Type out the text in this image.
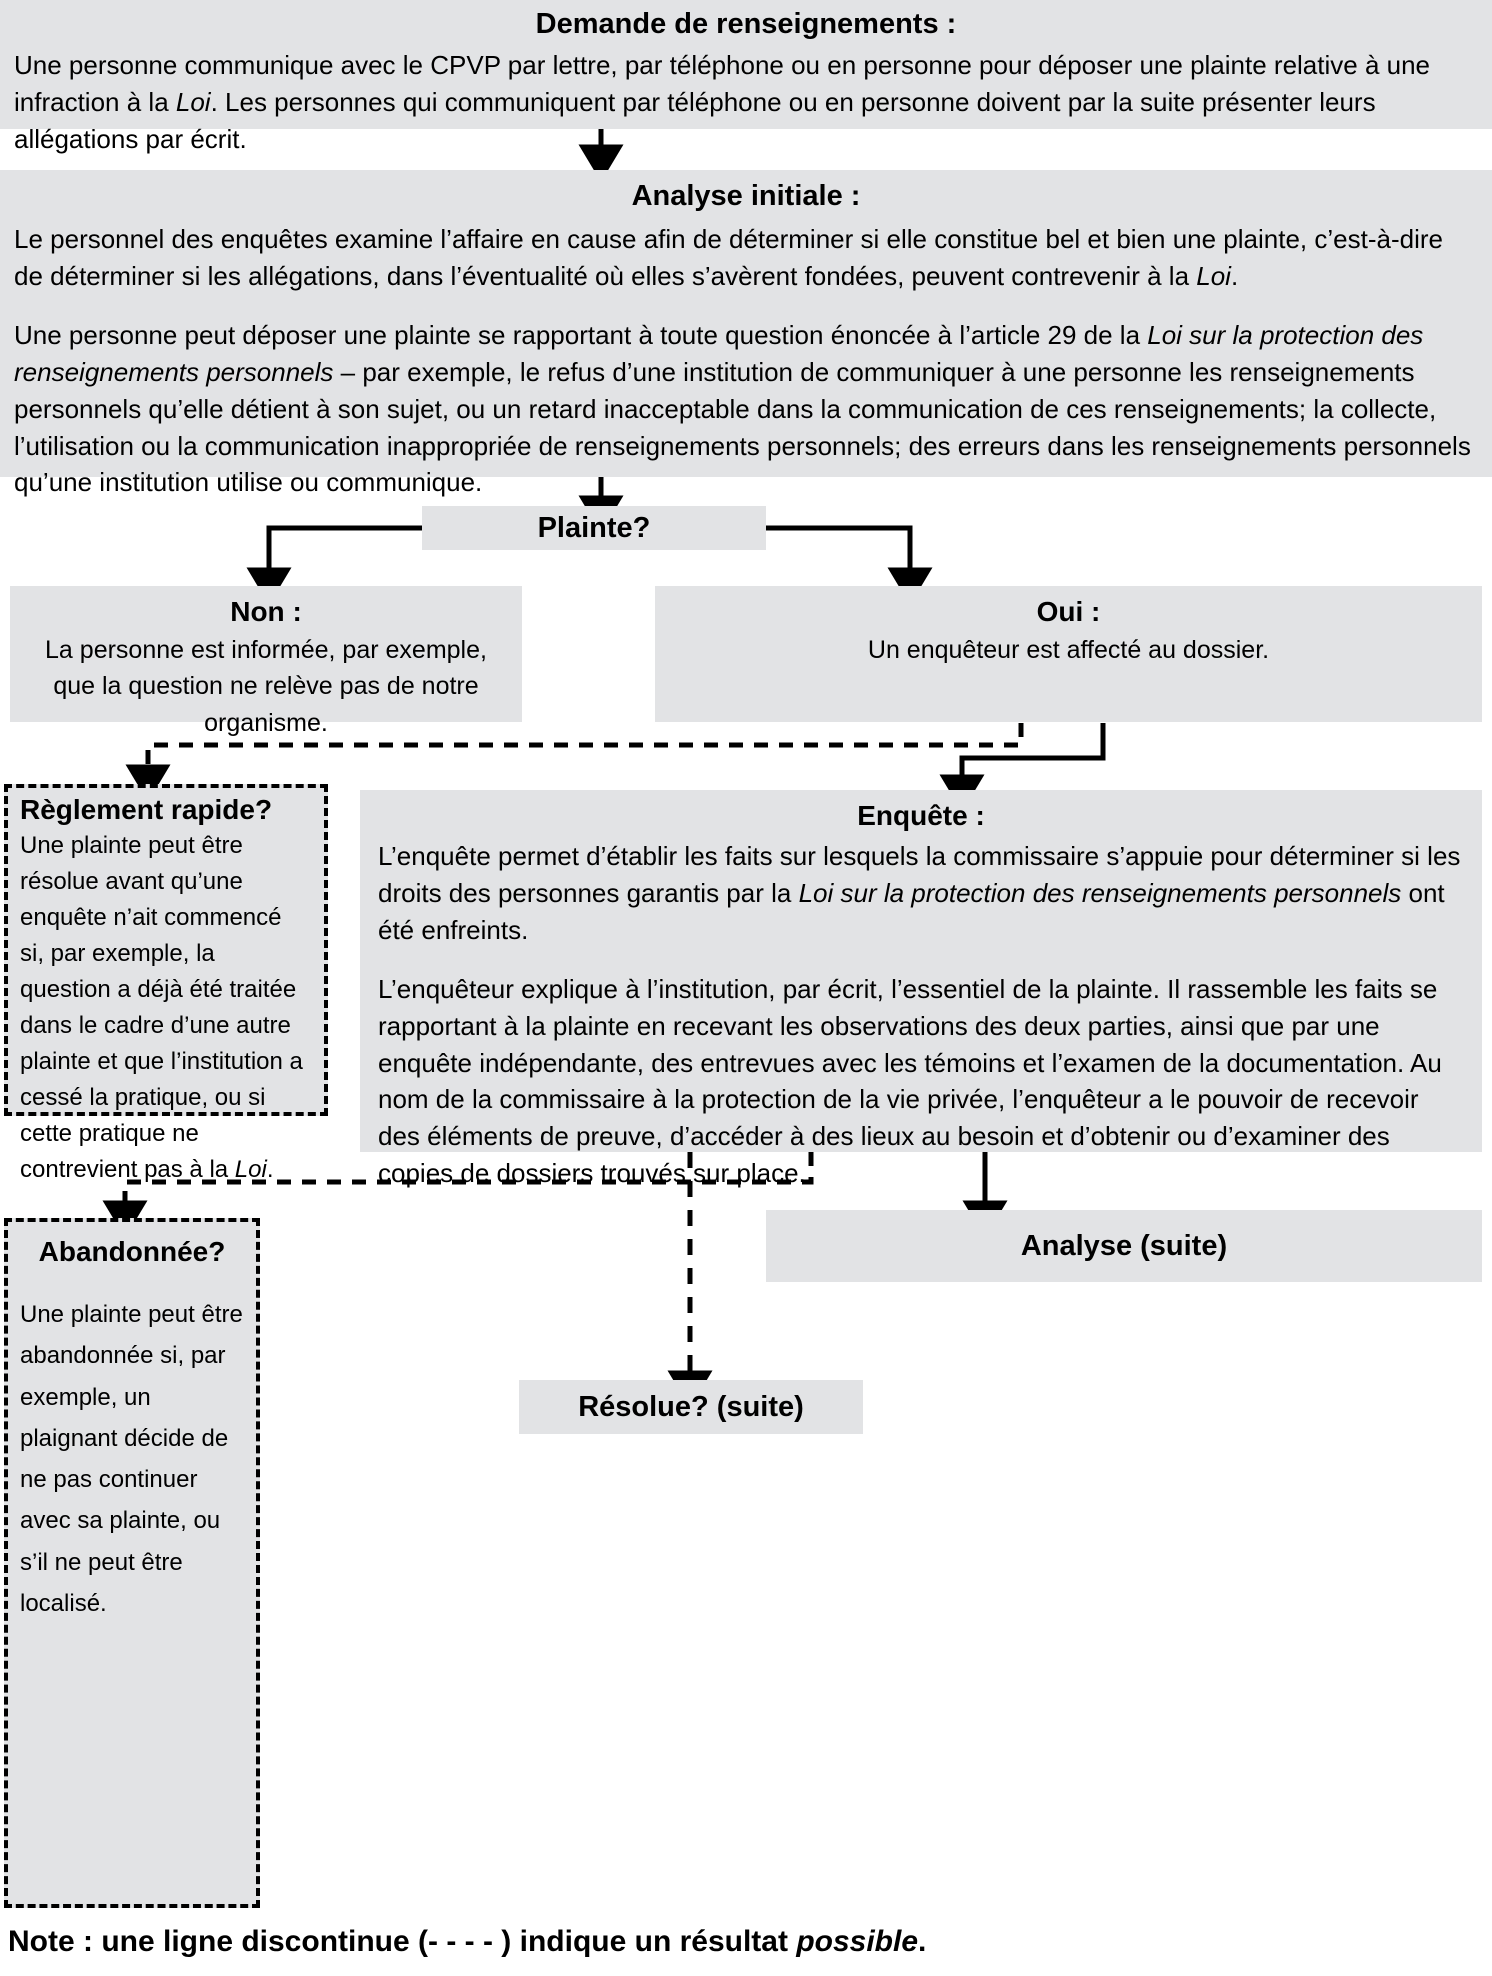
Demande de renseignements :
Une personne communique avec le CPVP par lettre, par téléphone ou en personne pour déposer une plainte relative à une infraction à la Loi. Les personnes qui communiquent par téléphone ou en personne doivent par la suite présenter leurs allégations par écrit.
Analyse initiale :
Le personnel des enquêtes examine l’affaire en cause afin de déterminer si elle constitue bel et bien une plainte, c’est-à-dire de déterminer si les allégations, dans l’éventualité où elles s’avèrent fondées, peuvent contrevenir à la Loi.
Une personne peut déposer une plainte se rapportant à toute question énoncée à l’article 29 de la Loi sur la protection des renseignements personnels – par exemple, le refus d’une institution de communiquer à une personne les renseignements personnels qu’elle détient à son sujet, ou un retard inacceptable dans la communication de ces renseignements; la collecte, l’utilisation ou la communication inappropriée de renseignements personnels; des erreurs dans les renseignements personnels qu’une institution utilise ou communique.
Plainte?
Non :
La personne est informée, par exemple, que la question ne relève pas de notre organisme.
Oui :
Un enquêteur est affecté au dossier.
Règlement rapide?
Une plainte peut être résolue avant qu’une enquête n’ait commencé si, par exemple, la question a déjà été traitée dans le cadre d’une autre plainte et que l’institution a cessé la pratique, ou si cette pratique ne contrevient pas à la Loi.
Enquête :
L’enquête permet d’établir les faits sur lesquels la commissaire s’appuie pour déterminer si les droits des personnes garantis par la Loi sur la protection des renseignements personnels ont été enfreints.
L’enquêteur explique à l’institution, par écrit, l’essentiel de la plainte. Il rassemble les faits se rapportant à la plainte en recevant les observations des deux parties, ainsi que par une enquête indépendante, des entrevues avec les témoins et l’examen de la documentation. Au nom de la commissaire à la protection de la vie privée, l’enquêteur a le pouvoir de recevoir des éléments de preuve, d’accéder à des lieux au besoin et d’obtenir ou d’examiner des copies de dossiers trouvés sur place.
Abandonnée?
Une plainte peut être abandonnée si, par exemple, un plaignant décide de ne pas continuer avec sa plainte, ou s’il ne peut être localisé.
Analyse (suite)
Résolue? (suite)
Note : une ligne discontinue (- - - - ) indique un résultat possible.
